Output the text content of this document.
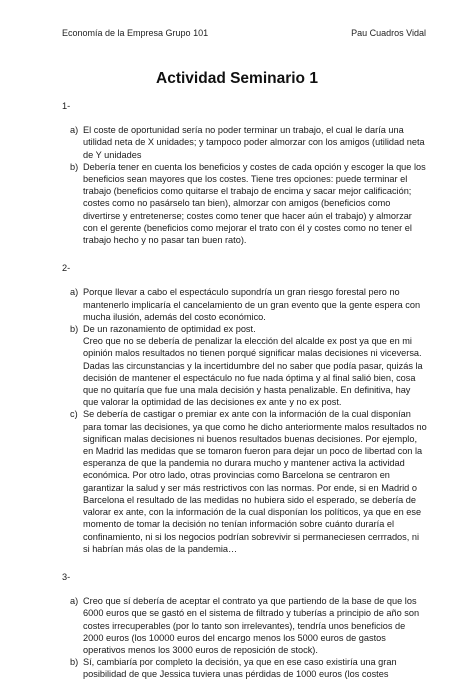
Economía de la Empresa Grupo 101	Pau Cuadros Vidal
Actividad Seminario 1
1-
a) El coste de oportunidad sería no poder terminar un trabajo, el cual le daría una utilidad neta de X unidades; y tampoco poder almorzar con los amigos (utilidad neta de Y unidades
b) Debería tener en cuenta los beneficios y costes de cada opción y escoger la que los beneficios sean mayores que los costes. Tiene tres opciones: puede terminar el trabajo (beneficios como quitarse el trabajo de encima y sacar mejor calificación; costes como no pasárselo tan bien), almorzar con amigos (beneficios como divertirse y entretenerse; costes como tener que hacer aún el trabajo) y almorzar con el gerente (beneficios como mejorar el trato con él y costes como no tener el trabajo hecho y no pasar tan buen rato).
2-
a) Porque llevar a cabo el espectáculo supondría un gran riesgo forestal pero no mantenerlo implicaría el cancelamiento de un gran evento que la gente espera con mucha ilusión, además del costo económico.
b) De un razonamiento de optimidad ex post.
Creo que no se debería de penalizar la elección del alcalde ex post ya que en mi opinión malos resultados no tienen porqué significar malas decisiones ni viceversa. Dadas las circunstancias y la incertidumbre del no saber que podía pasar, quizás la decisión de mantener el espectáculo no fue nada óptima y al final salió bien, cosa que no quitaría que fue una mala decisión y hasta penalizable. En definitiva, hay que valorar la optimidad de las decisiones ex ante y no ex post.
c) Se debería de castigar o premiar ex ante con la información de la cual disponían para tomar las decisiones, ya que como he dicho anteriormente malos resultados no significan malas decisiones ni buenos resultados buenas decisiones. Por ejemplo, en Madrid las medidas que se tomaron fueron para dejar un poco de libertad con la esperanza de que la pandemia no durara mucho y mantener activa la actividad económica. Por otro lado, otras provincias como Barcelona se centraron en garantizar la salud y ser más restrictivos con las normas. Por ende, si en Madrid o Barcelona el resultado de las medidas no hubiera sido el esperado, se debería de valorar ex ante, con la información de la cual disponían los políticos, ya que en ese momento de tomar la decisión no tenían información sobre cuánto duraría el confinamiento, ni si los negocios podrían sobrevivir si permaneciesen cerrrados, ni si habrían más olas de la pandemia…
3-
a) Creo que sí debería de aceptar el contrato ya que partiendo de la base de que los 6000 euros que se gastó en el sistema de filtrado y tuberías a principio de año son costes irrecuperables (por lo tanto son irrelevantes), tendría unos beneficios de 2000 euros (los 10000 euros del encargo menos los 5000 euros de gastos operativos menos los 3000 euros de reposición de stock).
b) Sí, cambiaría por completo la decisión, ya que en ese caso existiría una gran posibilidad de que Jessica tuviera unas pérdidas de 1000 euros (los costes
